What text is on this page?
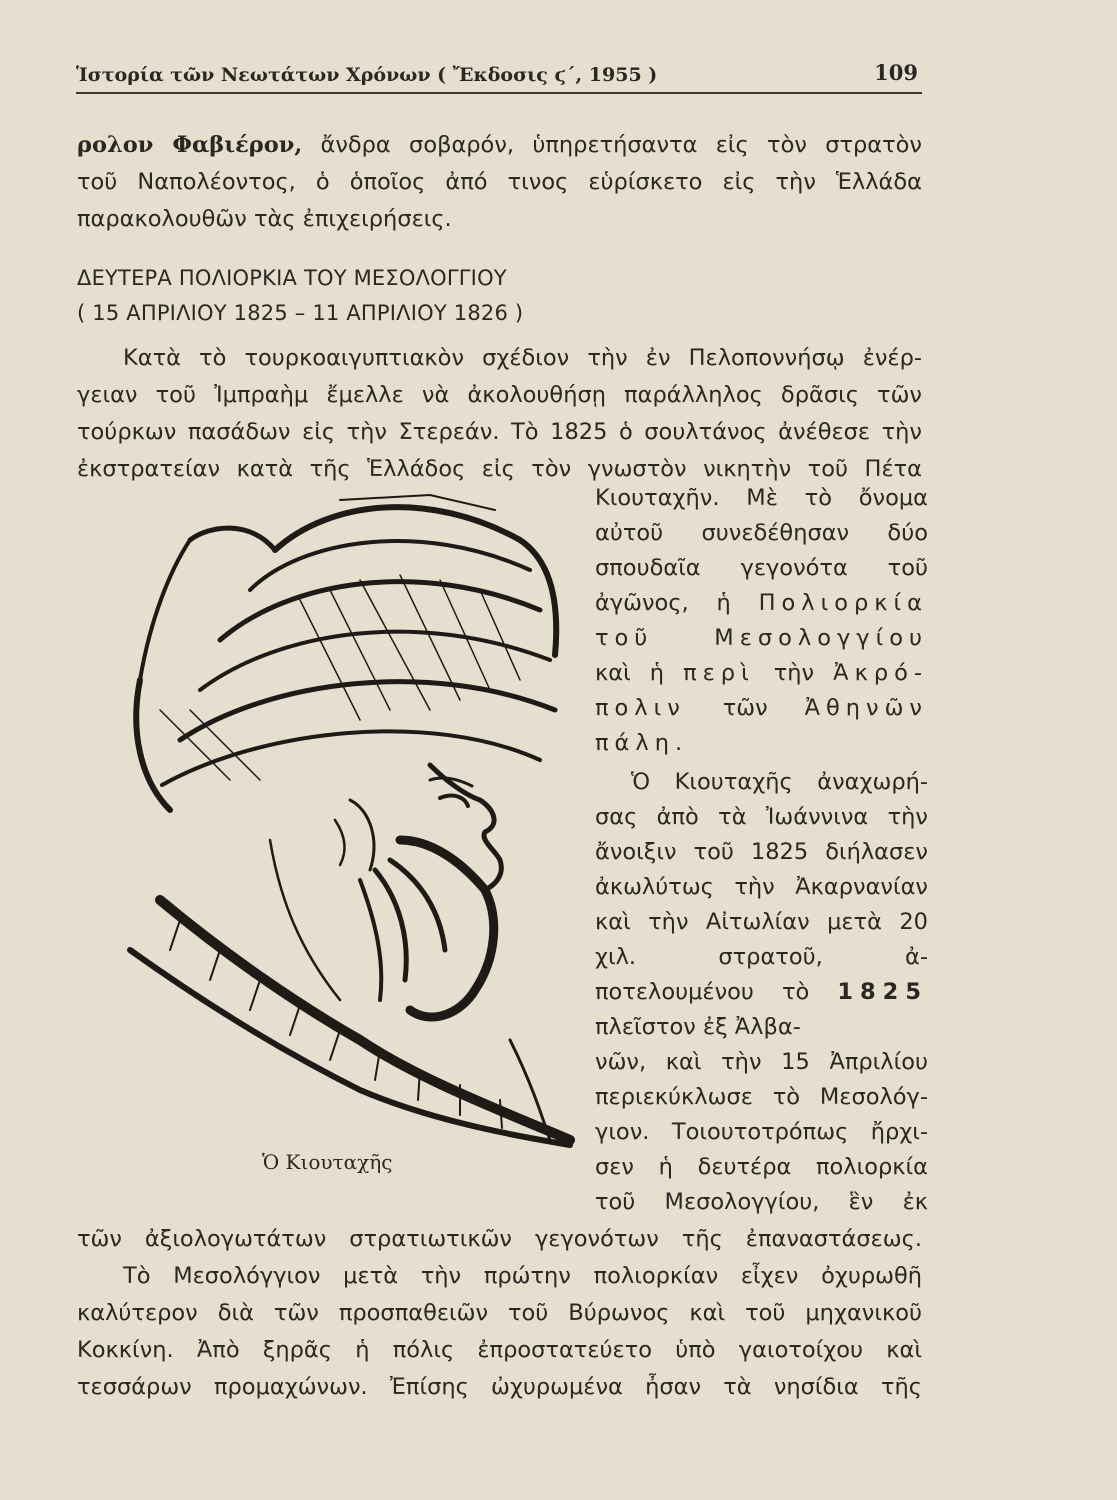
Ἱστορία τῶν Νεωτάτων Χρόνων ( Ἔκδοσις ϛ΄, 1955 )	109
ρολον Φαβιέρον, ἄνδρα σοβαρόν, ὑπηρετήσαντα εἰς τὸν στρατὸν
τοῦ Ναπολέοντος, ὁ ὁποῖος ἀπό τινος εὑρίσκετο εἰς τὴν Ἑλλάδα
παρακολουθῶν τὰς ἐπιχειρήσεις.
ΔΕΥΤΕΡΑ ΠΟΛΙΟΡΚΙΑ ΤΟΥ ΜΕΣΟΛΟΓΓΙΟΥ
( 15 ΑΠΡΙΛΙΟΥ 1825 – 11 ΑΠΡΙΛΙΟΥ 1826 )
Κατὰ τὸ τουρκοαιγυπτιακὸν σχέδιον τὴν ἐν Πελοποννήσῳ ἐνέρ-
γειαν τοῦ Ἰμπραὴμ ἔμελλε νὰ ἀκολουθήσῃ παράλληλος δρᾶσις τῶν
τούρκων πασάδων εἰς τὴν Στερεάν. Τὸ 1825 ὁ σουλτάνος ἀνέθεσε τὴν
ἐκστρατείαν κατὰ τῆς Ἑλλάδος εἰς τὸν γνωστὸν νικητὴν τοῦ Πέτα
Κιουταχῆν. Μὲ τὸ ὄνομα
αὐτοῦ συνεδέθησαν δύο
σπουδαῖα γεγονότα τοῦ
ἀγῶνος, ἡ Πολιορκία
τοῦ Μεσολογγίου
καὶ ἡ περὶ τὴν Ἀκρό-
πολιν τῶν Ἀθηνῶν
πάλη.
Ὁ Κιουταχῆς ἀναχωρή-
σας ἀπὸ τὰ Ἰωάννινα τὴν
ἄνοιξιν τοῦ 1825 διήλασεν
ἀκωλύτως τὴν Ἀκαρνανίαν
καὶ τὴν Αἰτωλίαν μετὰ 20
χιλ. στρατοῦ, ἀ-
ποτελουμένου τὸ 1825
πλεῖστον ἐξ Ἀλβα-
νῶν, καὶ τὴν 15 Ἀπριλίου
περιεκύκλωσε τὸ Μεσολόγ-
γιον. Τοιουτοτρόπως ἤρχι-
σεν ἡ δευτέρα πολιορκία
τοῦ Μεσολογγίου, ἓν ἐκ
Ὁ Κιουταχῆς
τῶν ἀξιολογωτάτων στρατιωτικῶν γεγονότων τῆς ἐπαναστάσεως.
Τὸ Μεσολόγγιον μετὰ τὴν πρώτην πολιορκίαν εἶχεν ὀχυρωθῆ
καλύτερον διὰ τῶν προσπαθειῶν τοῦ Βύρωνος καὶ τοῦ μηχανικοῦ
Κοκκίνη. Ἀπὸ ξηρᾶς ἡ πόλις ἐπροστατεύετο ὑπὸ γαιοτοίχου καὶ
τεσσάρων προμαχώνων. Ἐπίσης ὠχυρωμένα ἦσαν τὰ νησίδια τῆς
